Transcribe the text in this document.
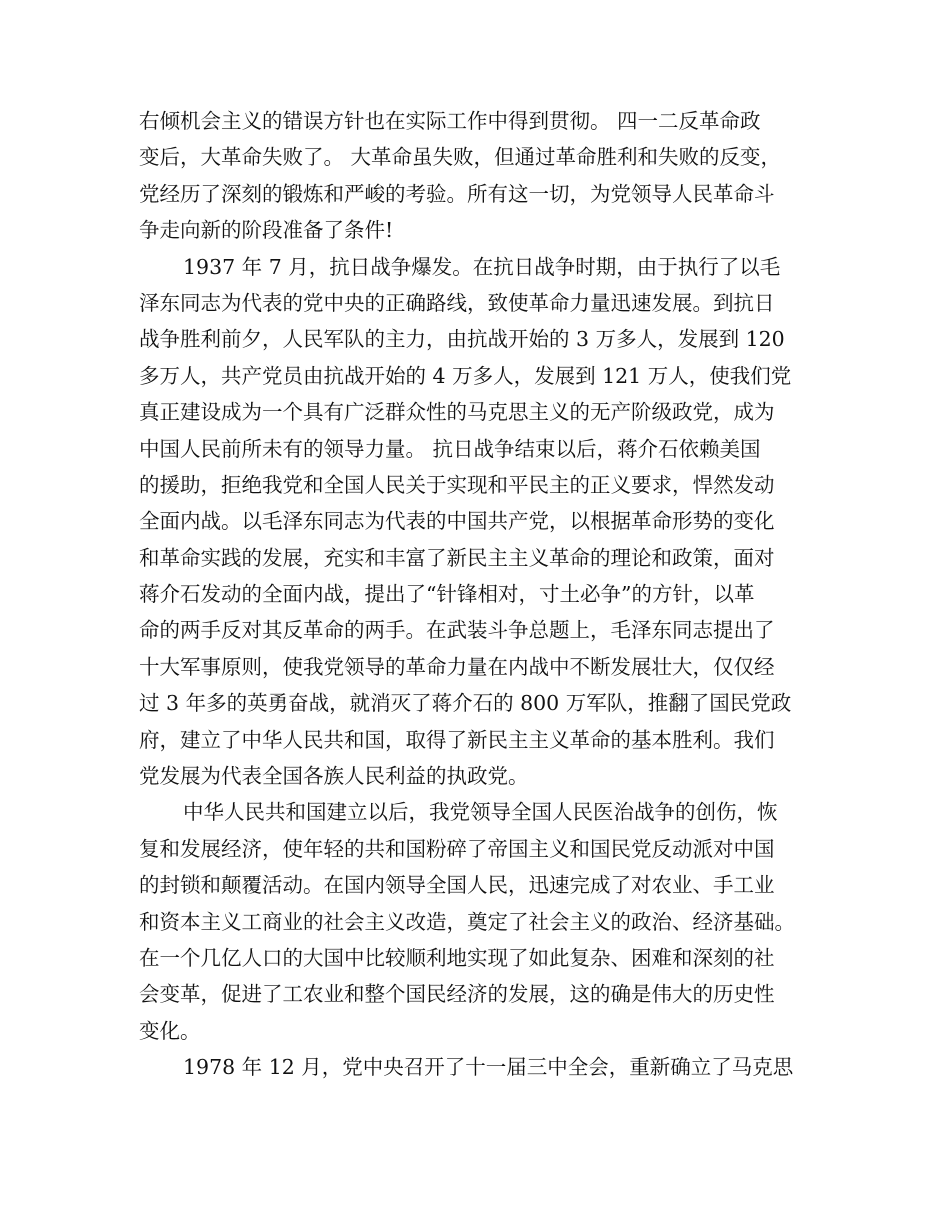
右倾机会主义的错误方针也在实际工作中得到贯彻。 四一二反革命政
变后，大革命失败了。 大革命虽失败，但通过革命胜利和失败的反变，
党经历了深刻的锻炼和严峻的考验。所有这一切，为党领导人民革命斗
争走向新的阶段准备了条件!
1937 年 7 月，抗日战争爆发。在抗日战争时期，由于执行了以毛
泽东同志为代表的党中央的正确路线，致使革命力量迅速发展。到抗日
战争胜利前夕，人民军队的主力，由抗战开始的 3 万多人，发展到 120
多万人，共产党员由抗战开始的 4 万多人，发展到 121 万人，使我们党
真正建设成为一个具有广泛群众性的马克思主义的无产阶级政党，成为
中国人民前所未有的领导力量。 抗日战争结束以后，蒋介石依赖美国
的援助，拒绝我党和全国人民关于实现和平民主的正义要求，悍然发动
全面内战。以毛泽东同志为代表的中国共产党，以根据革命形势的变化
和革命实践的发展，充实和丰富了新民主主义革命的理论和政策，面对
蒋介石发动的全面内战，提出了“针锋相对，寸土必争”的方针，以革
命的两手反对其反革命的两手。在武装斗争总题上，毛泽东同志提出了
十大军事原则，使我党领导的革命力量在内战中不断发展壮大，仅仅经
过 3 年多的英勇奋战，就消灭了蒋介石的 800 万军队，推翻了国民党政
府，建立了中华人民共和国，取得了新民主主义革命的基本胜利。我们
党发展为代表全国各族人民利益的执政党。
中华人民共和国建立以后，我党领导全国人民医治战争的创伤，恢
复和发展经济，使年轻的共和国粉碎了帝国主义和国民党反动派对中国
的封锁和颠覆活动。在国内领导全国人民，迅速完成了对农业、手工业
和资本主义工商业的社会主义改造，奠定了社会主义的政治、经济基础。
在一个几亿人口的大国中比较顺利地实现了如此复杂、困难和深刻的社
会变革，促进了工农业和整个国民经济的发展，这的确是伟大的历史性
变化。
1978 年 12 月，党中央召开了十一届三中全会，重新确立了马克思
